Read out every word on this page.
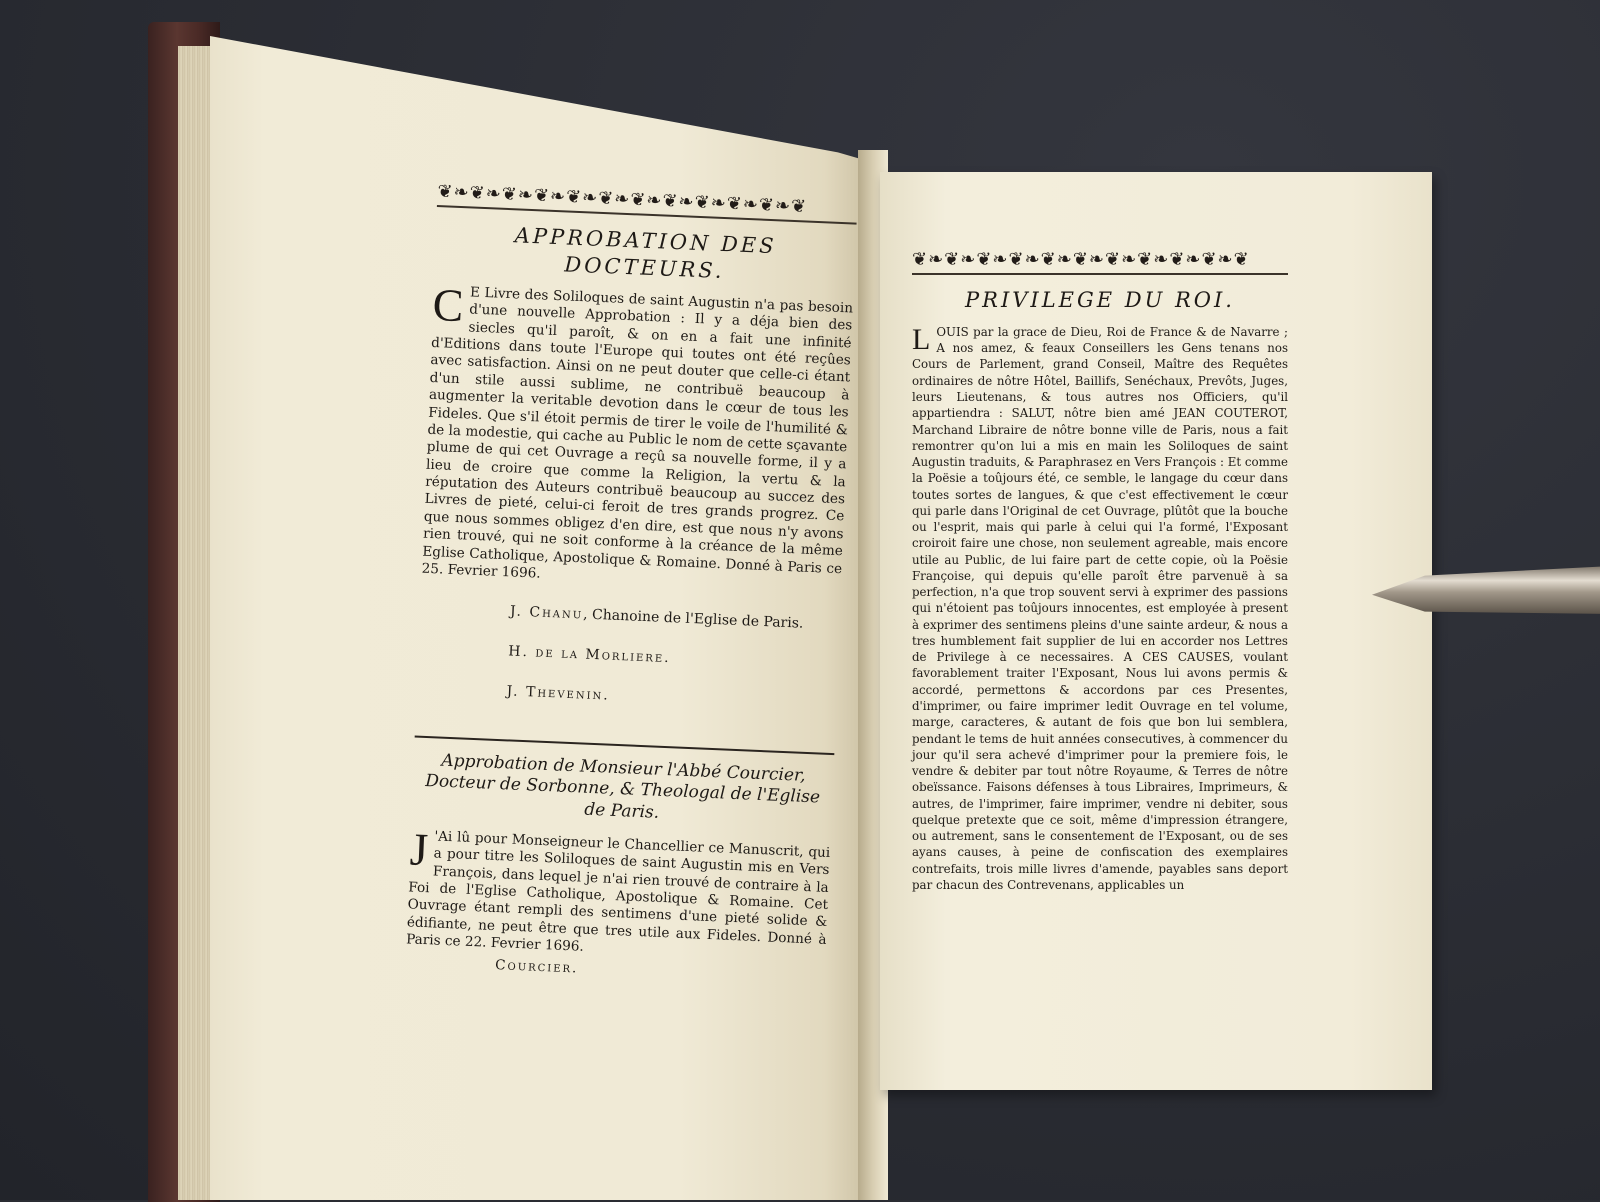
❦❧❦❧❦❧❦❧❦❧❦❧❦❧❦❧❦❧❦❧❦❧❦
APPROBATION DES DOCTEURS.

C E Livre des Soliloques de saint Augustin n'a pas besoin d'une nouvelle Approbation : Il y a déja bien des siecles qu'il paroît, & on en a fait une infinité d'Editions dans toute l'Europe qui toutes ont été reçûes avec satisfaction. Ainsi on ne peut douter que celle-ci étant d'un stile aussi sublime, ne contribuë beaucoup à augmenter la veritable devotion dans le cœur de tous les Fideles. Que s'il étoit permis de tirer le voile de l'humilité & de la modestie, qui cache au Public le nom de cette sçavante plume de qui cet Ouvrage a reçû sa nouvelle forme, il y a lieu de croire que comme la Religion, la vertu & la réputation des Auteurs contribuë beaucoup au succez des Livres de pieté, celui-ci feroit de tres grands progrez. Ce que nous sommes obligez d'en dire, est que nous n'y avons rien trouvé, qui ne soit conforme à la créance de la même Eglise Catholique, Apostolique & Romaine. Donné à Paris ce 25. Fevrier 1696.

J. Chanu, Chanoine de l'Eglise de Paris.
H. de la Morliere.
J. Thevenin.
Approbation de Monsieur l'Abbé Courcier, Docteur de Sorbonne, & Theologal de l'Eglise de Paris.

J 'Ai lû pour Monseigneur le Chancellier ce Manuscrit, qui a pour titre les Soliloques de saint Augustin mis en Vers François, dans lequel je n'ai rien trouvé de contraire à la Foi de l'Eglise Catholique, Apostolique & Romaine. Cet Ouvrage étant rempli des sentimens d'une pieté solide & édifiante, ne peut être que tres utile aux Fideles. Donné à Paris ce 22. Fevrier 1696.

Courcier.
❦❧❦❧❦❧❦❧❦❧❦❧❦❧❦❧❦❧❦❧❦
PRIVILEGE DU ROI.

L OUIS par la grace de Dieu, Roi de France & de Navarre ; A nos amez, & feaux Conseillers les Gens tenans nos Cours de Parlement, grand Conseil, Maître des Requêtes ordinaires de nôtre Hôtel, Baillifs, Senéchaux, Prevôts, Juges, leurs Lieutenans, & tous autres nos Officiers, qu'il appartiendra : SALUT, nôtre bien amé JEAN COUTEROT, Marchand Libraire de nôtre bonne ville de Paris, nous a fait remontrer qu'on lui a mis en main les Soliloques de saint Augustin traduits, & Paraphrasez en Vers François : Et comme la Poësie a toûjours été, ce semble, le langage du cœur dans toutes sortes de langues, & que c'est effectivement le cœur qui parle dans l'Original de cet Ouvrage, plûtôt que la bouche ou l'esprit, mais qui parle à celui qui l'a formé, l'Exposant croiroit faire une chose, non seulement agreable, mais encore utile au Public, de lui faire part de cette copie, où la Poësie Françoise, qui depuis qu'elle paroît être parvenuë à sa perfection, n'a que trop souvent servi à exprimer des passions qui n'étoient pas toûjours innocentes, est employée à present à exprimer des sentimens pleins d'une sainte ardeur, & nous a tres humblement fait supplier de lui en accorder nos Lettres de Privilege à ce necessaires. A CES CAUSES, voulant favorablement traiter l'Exposant, Nous lui avons permis & accordé, permettons & accordons par ces Presentes, d'imprimer, ou faire imprimer ledit Ouvrage en tel volume, marge, caracteres, & autant de fois que bon lui semblera, pendant le tems de huit années consecutives, à commencer du jour qu'il sera achevé d'imprimer pour la premiere fois, le vendre & debiter par tout nôtre Royaume, & Terres de nôtre obeïssance. Faisons défenses à tous Libraires, Imprimeurs, & autres, de l'imprimer, faire imprimer, vendre ni debiter, sous quelque pretexte que ce soit, même d'impression étrangere, ou autrement, sans le consentement de l'Exposant, ou de ses ayans causes, à peine de confiscation des exemplaires contrefaits, trois mille livres d'amende, payables sans deport par chacun des Contrevenans, applicables un
